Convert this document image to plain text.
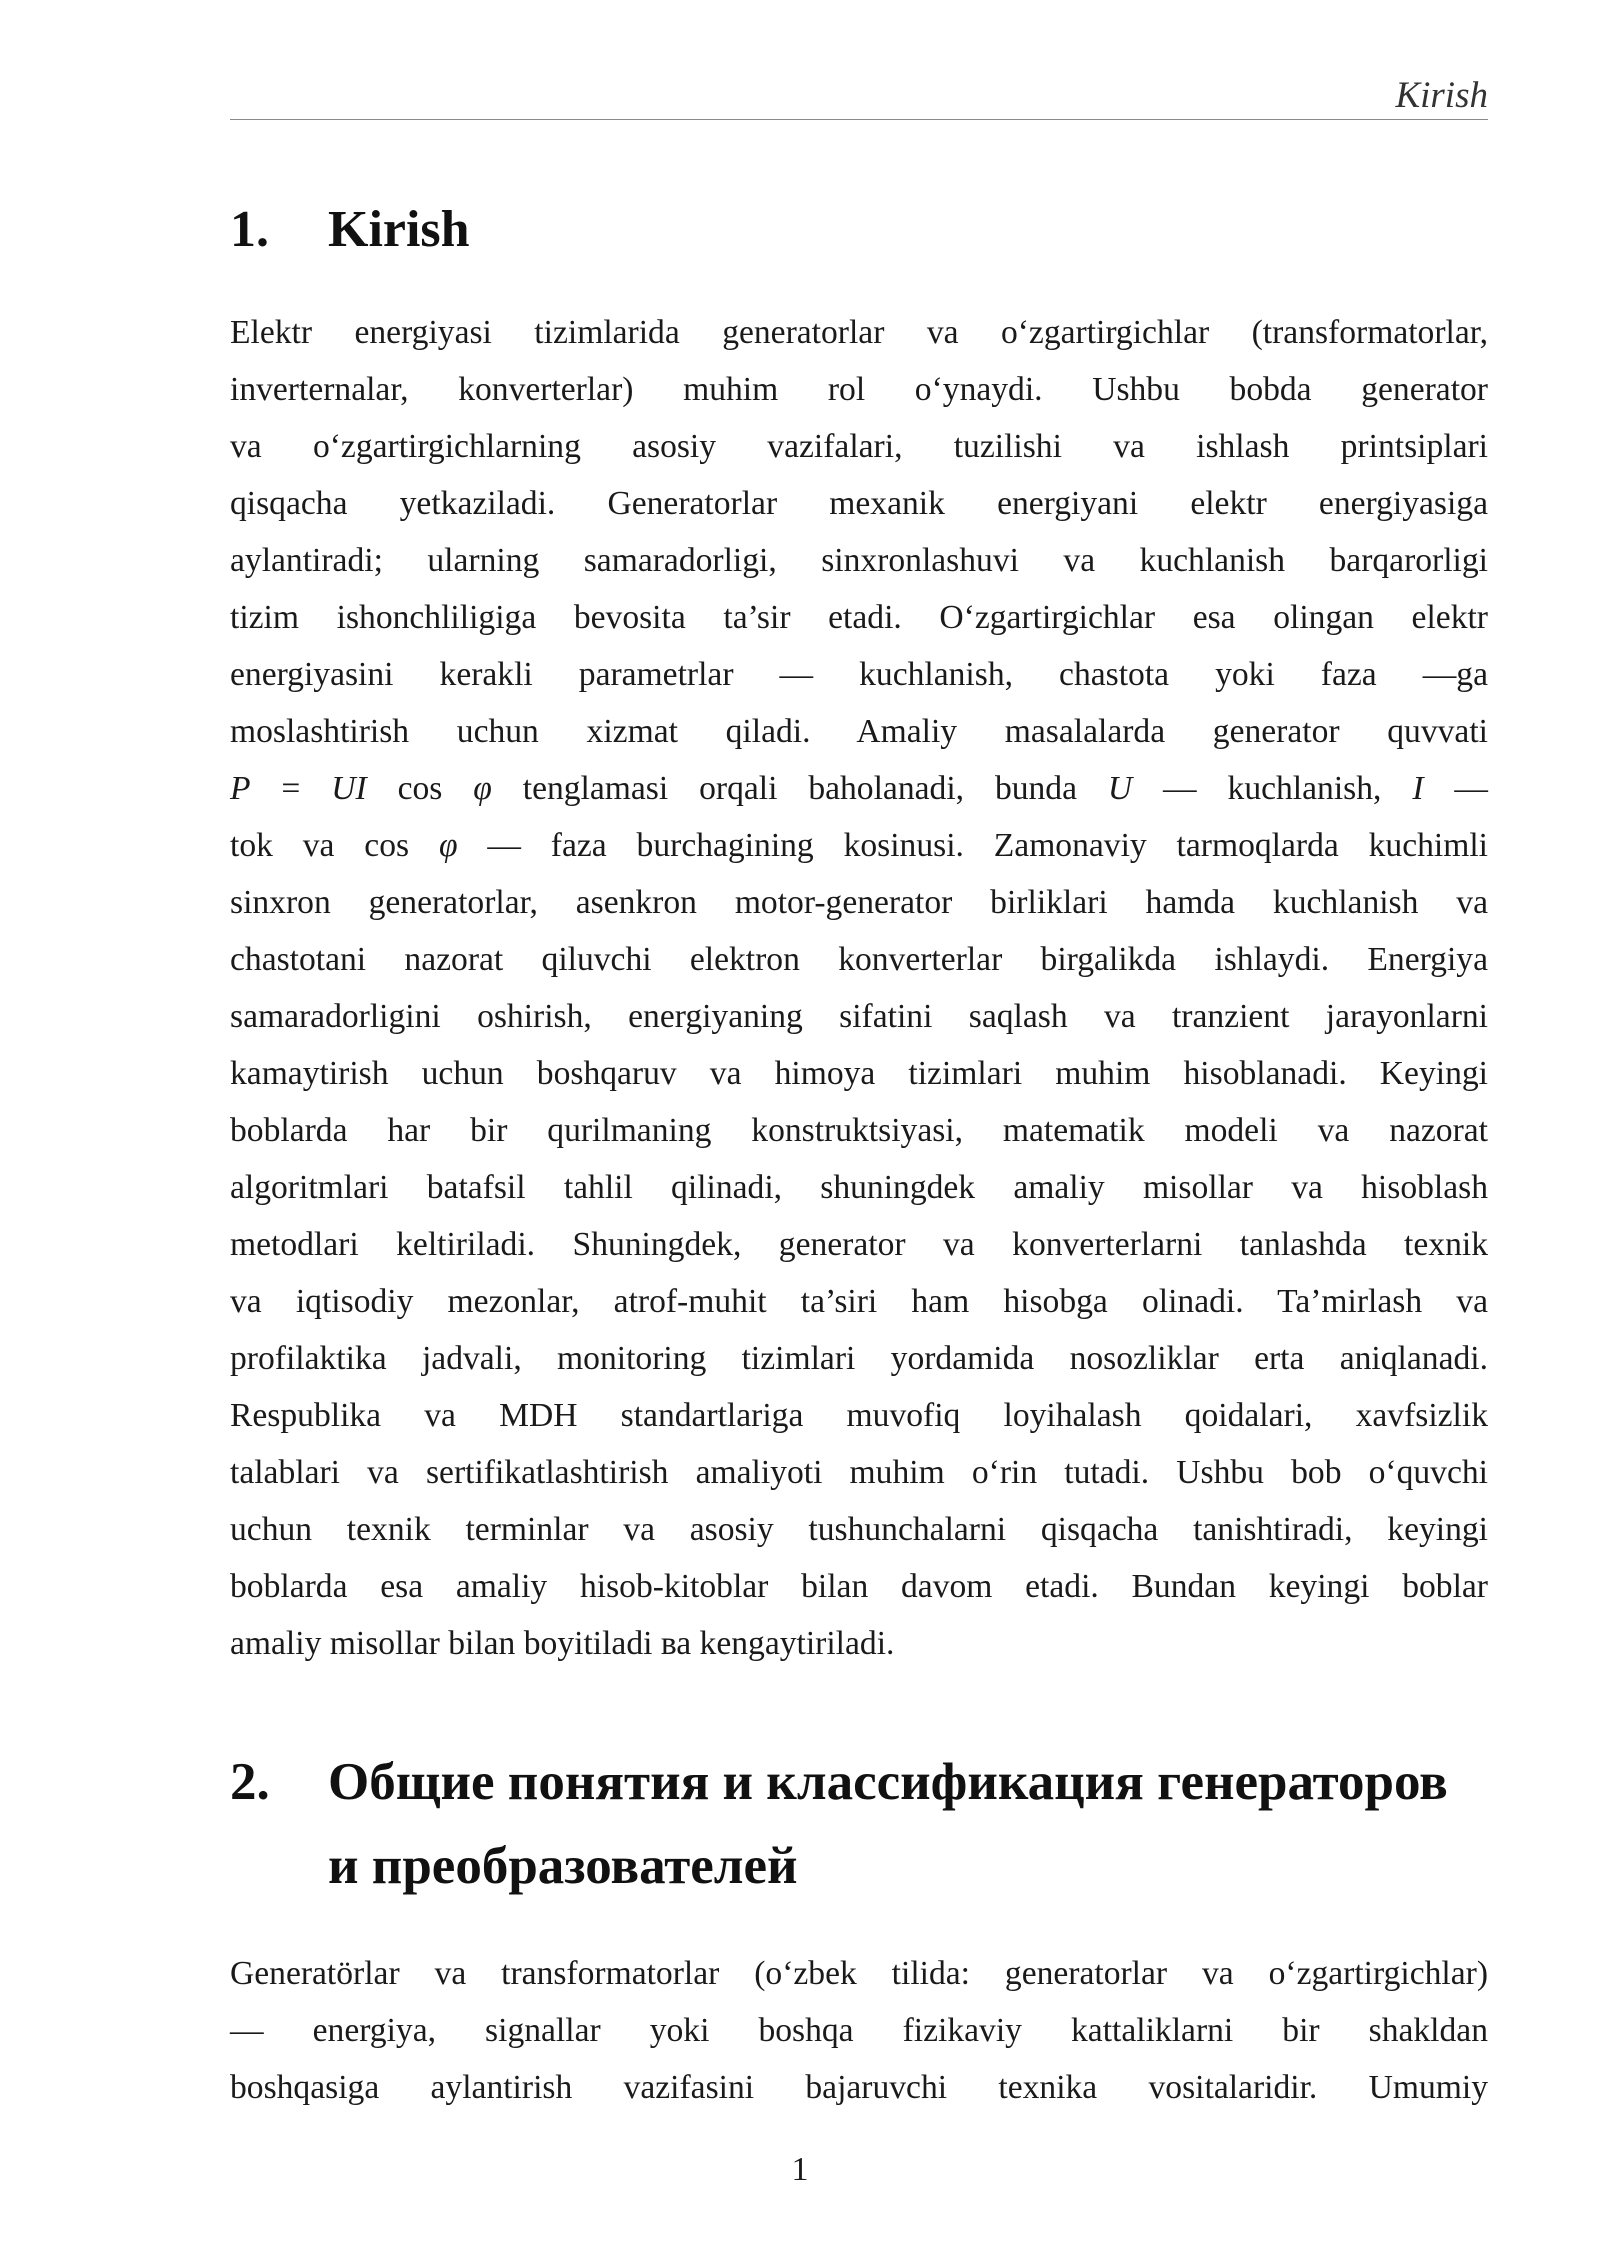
Kirish
1. Kirish
Elektr energiyasi tizimlarida generatorlar va o‘zgartirgichlar (transformatorlar,
inverternalar, konverterlar) muhim rol o‘ynaydi. Ushbu bobda generator
va o‘zgartirgichlarning asosiy vazifalari, tuzilishi va ishlash printsiplari
qisqacha yetkaziladi. Generatorlar mexanik energiyani elektr energiyasiga
aylantiradi; ularning samaradorligi, sinxronlashuvi va kuchlanish barqarorligi
tizim ishonchliligiga bevosita ta’sir etadi. O‘zgartirgichlar esa olingan elektr
energiyasini kerakli parametrlar — kuchlanish, chastota yoki faza —ga
moslashtirish uchun xizmat qiladi. Amaliy masalalarda generator quvvati
P = UI cos φ tenglamasi orqali baholanadi, bunda U — kuchlanish, I —
tok va cos φ — faza burchagining kosinusi. Zamonaviy tarmoqlarda kuchimli
sinxron generatorlar, asenkron motor-generator birliklari hamda kuchlanish va
chastotani nazorat qiluvchi elektron konverterlar birgalikda ishlaydi. Energiya
samaradorligini oshirish, energiyaning sifatini saqlash va tranzient jarayonlarni
kamaytirish uchun boshqaruv va himoya tizimlari muhim hisoblanadi. Keyingi
boblarda har bir qurilmaning konstruktsiyasi, matematik modeli va nazorat
algoritmlari batafsil tahlil qilinadi, shuningdek amaliy misollar va hisoblash
metodlari keltiriladi. Shuningdek, generator va konverterlarni tanlashda texnik
va iqtisodiy mezonlar, atrof-muhit ta’siri ham hisobga olinadi. Ta’mirlash va
profilaktika jadvali, monitoring tizimlari yordamida nosozliklar erta aniqlanadi.
Respublika va MDH standartlariga muvofiq loyihalash qoidalari, xavfsizlik
talablari va sertifikatlashtirish amaliyoti muhim o‘rin tutadi. Ushbu bob o‘quvchi
uchun texnik terminlar va asosiy tushunchalarni qisqacha tanishtiradi, keyingi
boblarda esa amaliy hisob-kitoblar bilan davom etadi. Bundan keyingi boblar
amaliy misollar bilan boyitiladi ва kengaytiriladi.
2. Общие понятия и классификация генераторов
и преобразователей
Generatörlar va transformatorlar (o‘zbek tilida: generatorlar va o‘zgartirgichlar)
— energiya, signallar yoki boshqa fizikaviy kattaliklarni bir shakldan
boshqasiga aylantirish vazifasini bajaruvchi texnika vositalaridir. Umumiy
1
